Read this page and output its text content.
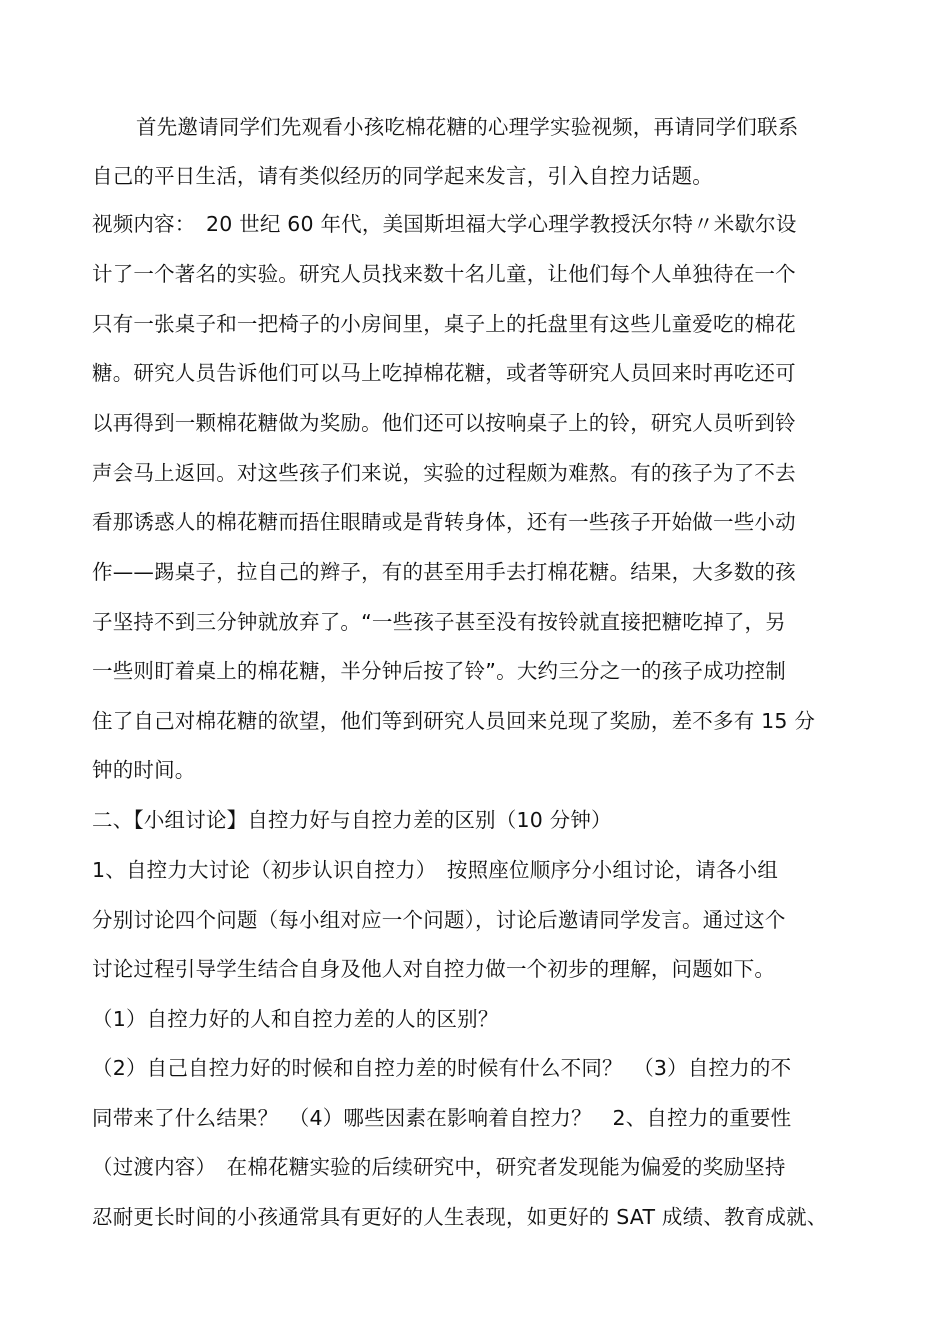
首先邀请同学们先观看小孩吃棉花糖的心理学实验视频，再请同学们联系
自己的平日生活，请有类似经历的同学起来发言，引入自控力话题。
视频内容：　20 世纪 60 年代，美国斯坦福大学心理学教授沃尔特〃米歇尔设
计了一个著名的实验。研究人员找来数十名儿童，让他们每个人单独待在一个
只有一张桌子和一把椅子的小房间里，桌子上的托盘里有这些儿童爱吃的棉花
糖。研究人员告诉他们可以马上吃掉棉花糖，或者等研究人员回来时再吃还可
以再得到一颗棉花糖做为奖励。他们还可以按响桌子上的铃，研究人员听到铃
声会马上返回。对这些孩子们来说，实验的过程颇为难熬。有的孩子为了不去
看那诱惑人的棉花糖而捂住眼睛或是背转身体，还有一些孩子开始做一些小动
作——踢桌子，拉自己的辫子，有的甚至用手去打棉花糖。结果，大多数的孩
子坚持不到三分钟就放弃了。“一些孩子甚至没有按铃就直接把糖吃掉了，另
一些则盯着桌上的棉花糖，半分钟后按了铃”。大约三分之一的孩子成功控制
住了自己对棉花糖的欲望，他们等到研究人员回来兑现了奖励，差不多有 15 分
钟的时间。
二、【小组讨论】自控力好与自控力差的区别（10 分钟）
1、自控力大讨论（初步认识自控力）　按照座位顺序分小组讨论，请各小组
分别讨论四个问题（每小组对应一个问题），讨论后邀请同学发言。通过这个
讨论过程引导学生结合自身及他人对自控力做一个初步的理解，问题如下。
（1）自控力好的人和自控力差的人的区别？
（2）自己自控力好的时候和自控力差的时候有什么不同？　（3）自控力的不
同带来了什么结果？　（4）哪些因素在影响着自控力？　2、自控力的重要性
（过渡内容）　在棉花糖实验的后续研究中，研究者发现能为偏爱的奖励坚持
忍耐更长时间的小孩通常具有更好的人生表现，如更好的 SAT 成绩、教育成就、
